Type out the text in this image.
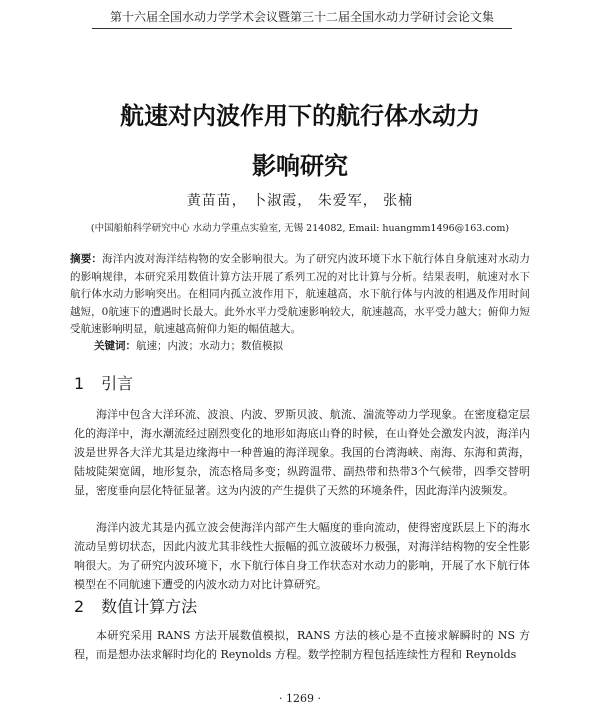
第十六届全国水动力学学术会议暨第三十二届全国水动力学研讨会论文集
航速对内波作用下的航行体水动力
影响研究
黄苗苗， 卜淑霞， 朱爱军， 张楠
(中国船舶科学研究中心 水动力学重点实验室, 无锡 214082, Email: huangmm1496@163.com)
摘要：海洋内波对海洋结构物的安全影响很大。为了研究内波环境下水下航行体自身航速对水动力的影响规律，本研究采用数值计算方法开展了系列工况的对比计算与分析。结果表明，航速对水下航行体水动力影响突出。在相同内孤立波作用下，航速越高，水下航行体与内波的相遇及作用时间越短，0航速下的遭遇时长最大。此外水平力受航速影响较大，航速越高，水平受力越大；俯仰力短受航速影响明显，航速越高俯仰力矩的幅值越大。
关键词：航速；内波；水动力；数值模拟
1 引言
海洋中包含大洋环流、波浪、内波、罗斯贝波、航流、湍流等动力学现象。在密度稳定层化的海洋中，海水潮流经过剧烈变化的地形如海底山脊的时候，在山脊处会激发内波，海洋内波是世界各大洋尤其是边缘海中一种普遍的海洋现象。我国的台湾海峡、南海、东海和黄海，陆坡陡架宽阔，地形复杂，流态格局多变；纵跨温带、副热带和热带3个气候带，四季交替明显，密度垂向层化特征显著。这为内波的产生提供了天然的环境条件，因此海洋内波频发。
海洋内波尤其是内孤立波会使海洋内部产生大幅度的垂向流动，使得密度跃层上下的海水流动呈剪切状态，因此内波尤其非线性大振幅的孤立波破坏力极强，对海洋结构物的安全性影响很大。为了研究内波环境下，水下航行体自身工作状态对水动力的影响，开展了水下航行体模型在不同航速下遭受的内波水动力对比计算研究。
2 数值计算方法
本研究采用 RANS 方法开展数值模拟，RANS 方法的核心是不直接求解瞬时的 NS 方程，而是想办法求解时均化的 Reynolds 方程。数学控制方程包括连续性方程和 Reynolds
· 1269 ·
